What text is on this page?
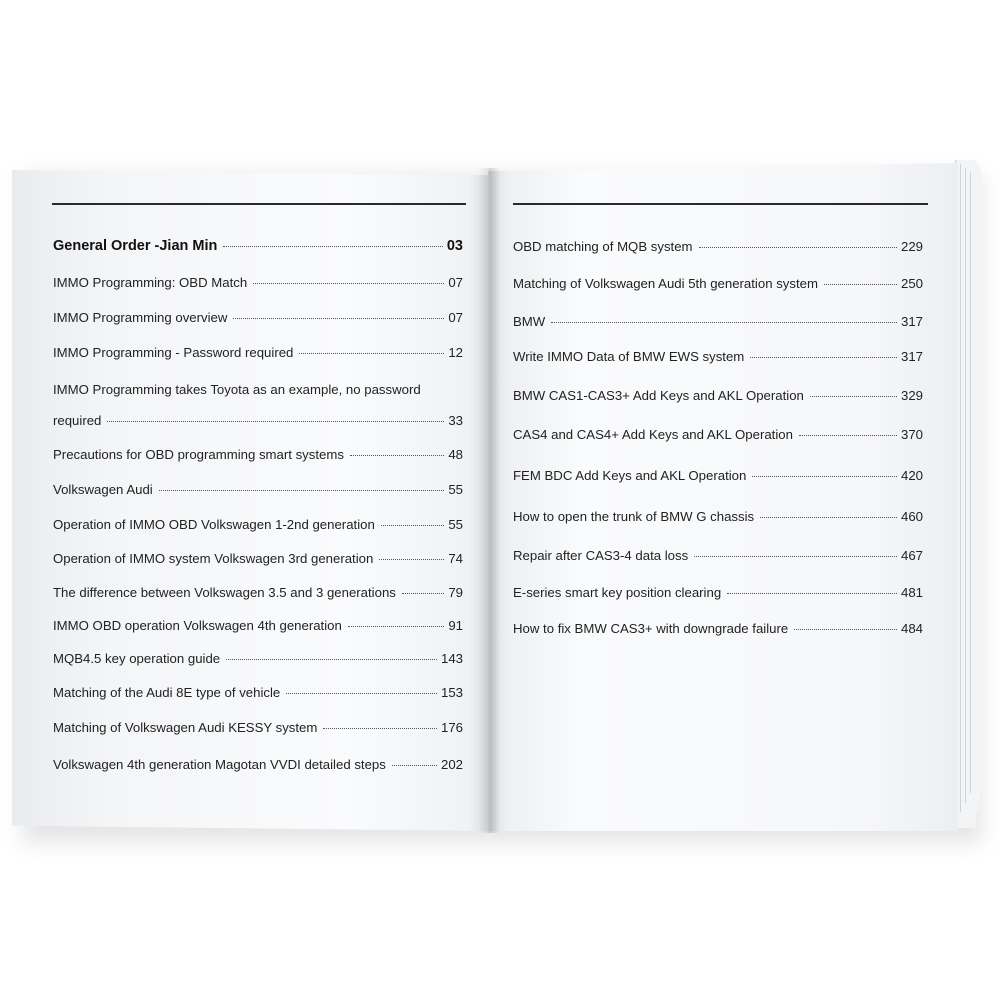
General Order -Jian Min	03
IMMO Programming: OBD Match	07
IMMO Programming overview	07
IMMO Programming - Password required	12
IMMO Programming takes Toyota as an example, no password
required	33
Precautions for OBD programming smart systems	48
Volkswagen Audi	55
Operation of IMMO OBD Volkswagen 1-2nd generation	55
Operation of IMMO system Volkswagen 3rd generation	74
The difference between Volkswagen 3.5 and 3 generations	79
IMMO OBD operation Volkswagen 4th generation	91
MQB4.5 key operation guide	143
Matching of the Audi 8E type of vehicle	153
Matching of Volkswagen Audi KESSY system	176
Volkswagen 4th generation Magotan VVDI detailed steps	202
OBD matching of MQB system	229
Matching of Volkswagen Audi 5th generation system	250
BMW	317
Write IMMO Data of BMW EWS system	317
BMW CAS1-CAS3+ Add Keys and AKL Operation	329
CAS4 and CAS4+ Add Keys and AKL Operation	370
FEM BDC Add Keys and AKL Operation	420
How to open the trunk of BMW G chassis	460
Repair after CAS3-4 data loss	467
E-series smart key position clearing	481
How to fix BMW CAS3+ with downgrade failure	484
